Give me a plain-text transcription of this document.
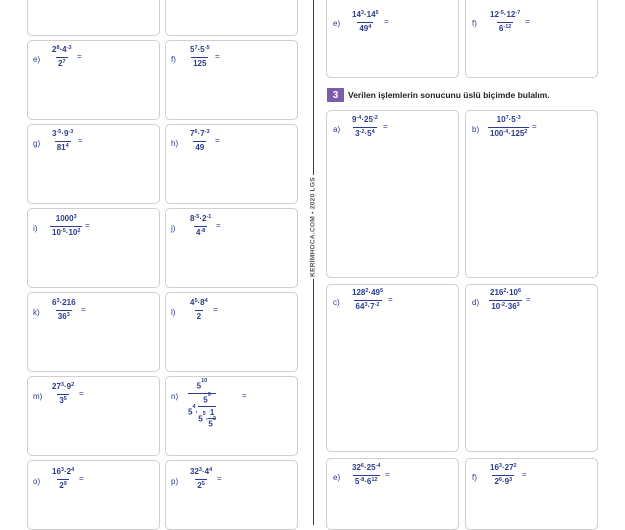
KERİMHOCA.COM • 2020 LGS
3	Verilen işlemlerin sonucunu üslü biçimde bulalım.
$e) \frac{2^8\cdot 4^{-3}}{2^7}$ =	$f) \frac{5^7\cdot 5^{-5}}{125}$ =
$g) \frac{3^{-5}\cdot 9^{-3}}{81^4}$ =	$h) \frac{7^6\cdot 7^{-3}}{49}$ =
$i) \frac{1000^3}{10^{-5}\cdot 10^2}$ =	$j) \frac{8^{-5}\cdot 2^{-1}}{4^{-8}}$ =
$k) \frac{6^3\cdot 216}{36^3}$ =	$l) \frac{4^5\cdot 8^4}{2}$ =
$m) \frac{27^3\cdot 9^2}{3^5}$ =	n)
$5^{10}$
$5^4\cdot$
$5^9$
$5^5\cdot$
1
$5^2$
=
$o) \frac{16^3\cdot 2^4}{2^9}$ =	$p) \frac{32^3\cdot 4^4}{2^5}$ =
$e) \frac{14^3\cdot 14^5}{49^4}$ =	$f) \frac{12^{-5}\cdot 12^{-7}}{6^{-12}}$ =
$a) \frac{9^{-4}\cdot 25^{-2}}{3^{-2}\cdot 5^4}$ =	$b) \frac{10^7\cdot 5^{-3}}{100^{-4}\cdot 125^2}$ =
$c) \frac{128^2\cdot 49^5}{64^3\cdot 7^{-2}}$ =	$d) \frac{216^2\cdot 10^6}{10^{-2}\cdot 36^3}$ =
$e) \frac{32^6\cdot 25^{-4}}{5^{-8}\cdot 6^{12}}$ =	$f) \frac{16^3\cdot 27^2}{2^6\cdot 9^3}$ =
